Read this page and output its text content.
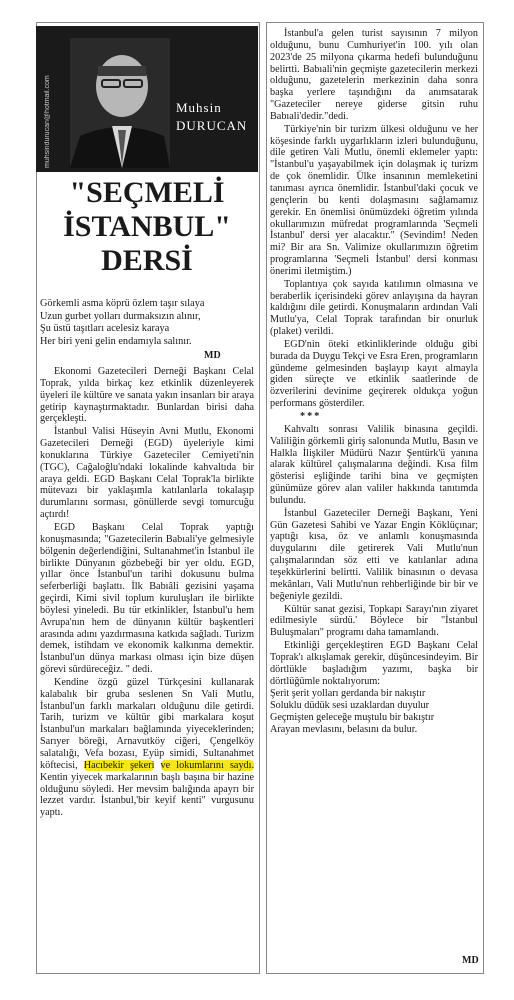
muhsindurucan@hotmail.com	Muhsin
DURUCAN
"SEÇMELİ
İSTANBUL"
DERSİ
Görkemli asma köprü özlem taşır sılaya
Uzun gurbet yolları durmaksızın alınır,
Şu üstü taşıtları acelesiz karaya
Her biri yeni gelin endamıyla salınır.
MD

Ekonomi Gazetecileri Derneği Başkanı Celal Toprak, yılda birkaç kez etkinlik düzenleyerek üyeleri ile kültüre ve sanata yakın insanları bir araya getirip kaynaştırmaktadır. Bunlardan birisi daha gerçekleşti.

İstanbul Valisi Hüseyin Avni Mutlu, Ekonomi Gazetecileri Derneği (EGD) üyeleriyle kimi konuklarına Türkiye Gazeteciler Cemiyeti'nin (TGC), Cağaloğlu'ndaki lokalinde kahvaltıda bir araya geldi. EGD Başkanı Celal Toprak'la birlikte mütevazı bir yaklaşımla katılanlarla tokalaşıp durumlarını sorması, gönüllerde sevgi tomurcuğu açtırdı!

EGD Başkanı Celal Toprak yaptığı konuşmasında; "Gazetecilerin Babıali'ye gelmesiyle bölgenin değerlendiğini, Sultanahmet'in İstanbul ile birlikte Dünyanın gözbebeği bir yer oldu. EGD, yıllar önce İstanbul'un tarihi dokusunu bulma seferberliği başlattı. İlk Babıâli gezisini yaşama geçirdi, Kimi sivil toplum kuruluşları ile birlikte böylesi yineledi. Bu tür etkinlikler, İstanbul'u hem Avrupa'nın hem de dünyanın kültür başkentleri arasında adını yazdırmasına katkıda sağladı. Turizm demek, istihdam ve ekonomik kalkınma demektir. İstanbul'un dünya markası olması için bize düşen görevi sürdüreceğiz. " dedi.

Kendine özgü güzel Türkçesini kullanarak kalabalık bir gruba seslenen Sn Vali Mutlu, İstanbul'un farklı markaları olduğunu dile getirdi. Tarih, turizm ve kültür gibi markalara koşut İstanbul'un markaları bağlamında yiyeceklerinden; Sarıyer böreği, Arnavutköy ciğeri, Çengelköy salatalığı, Vefa bozası, Eyüp simidi, Sultanahmet köftecisi, Hacıbekir şekeri ve lokumlarını saydı. Kentin yiyecek markalarının başlı başına bir hazine olduğunu söyledi. Her mevsim balığında apayrı bir lezzet vardır. İstanbul,'bir keyif kenti" vurgusunu yaptı.

İstanbul'a gelen turist sayısının 7 milyon olduğunu, bunu Cumhuriyet'in 100. yılı olan 2023'de 25 milyona çıkarma hedefi bulunduğunu belirtti. Babıali'nin geçmişte gazetecilerin merkezi olduğunu, gazetelerin merkezinin daha sonra başka yerlere taşındığını da anımsatarak "Gazeteciler nereye giderse gitsin ruhu Babıali'dedir."dedi.

Türkiye'nin bir turizm ülkesi olduğunu ve her köşesinde farklı uygarlıkların izleri bulunduğunu, dile getiren Vali Mutlu, önemli eklemeler yaptı: "İstanbul'u yaşayabilmek için dolaşmak iç turizm de çok önemlidir. Ülke insanının memleketini tanıması ayrıca önemlidir. İstanbul'daki çocuk ve gençlerin bu kenti dolaşmasını sağlamamız gerekir. En önemlisi önümüzdeki öğretim yılında okullarımızın müfredat programlarında 'Seçmeli İstanbul' dersi yer alacaktır." (Sevindim! Neden mi? Bir ara Sn. Valimize okullarımızın öğretim programlarına 'Seçmeli İstanbul' dersi konması önerimi iletmiştim.)

Toplantıya çok sayıda katılımın olmasına ve beraberlik içerisindeki görev anlayışına da hayran kaldığını dile getirdi. Konuşmaların ardından Vali Mutlu'ya, Celal Toprak tarafından bir onurluk (plaket) verildi.

EGD'nin öteki etkinliklerinde olduğu gibi burada da Duygu Tekçi ve Esra Eren, programların gündeme gelmesinden başlayıp kayıt almayla giden süreçte ve etkinlik saatlerinde de özverilerini devinime geçirerek oldukça yoğun performans gösterdiler.

***

Kahvaltı sonrası Valilik binasına geçildi. Valiliğin görkemli giriş salonunda Mutlu, Basın ve Halkla İlişkiler Müdürü Nazır Şentürk'ü yanına alarak kültürel çalışmalarına değindi. Kısa film gösterisi eşliğinde tarihi bina ve geçmişten günümüze görev alan valiler hakkında tanıtımda bulundu.

İstanbul Gazeteciler Derneği Başkanı, Yeni Gün Gazetesi Sahibi ve Yazar Engin Köklüçınar; yaptığı kısa, öz ve anlamlı konuşmasında duygularını dile getirerek Vali Mutlu'nun çalışmalarından söz etti ve katılanlar adına teşekkürlerini belirtti. Valilik binasının o devasa mekânları, Vali Mutlu'nun rehberliğinde bir bir ve beğeniyle gezildi.

Kültür sanat gezisi, Topkapı Sarayı'nın ziyaret edilmesiyle sürdü.' Böylece bir "İstanbul Buluşmaları" programı daha tamamlandı.

Etkinliği gerçekleştiren EGD Başkanı Celal Toprak'ı alkışlamak gerekir, düşüncesindeyim. Bir dörtlükle başladığım yazımı, başka bir dörtlüğümle noktalıyorum:

Şerit şerit yolları gerdanda bir nakıştır
Soluklu düdük sesi uzaklardan duyulur
Geçmişten geleceğe muştulu bir bakıştır
Arayan mevlasını, belasını da bulur.
MD
